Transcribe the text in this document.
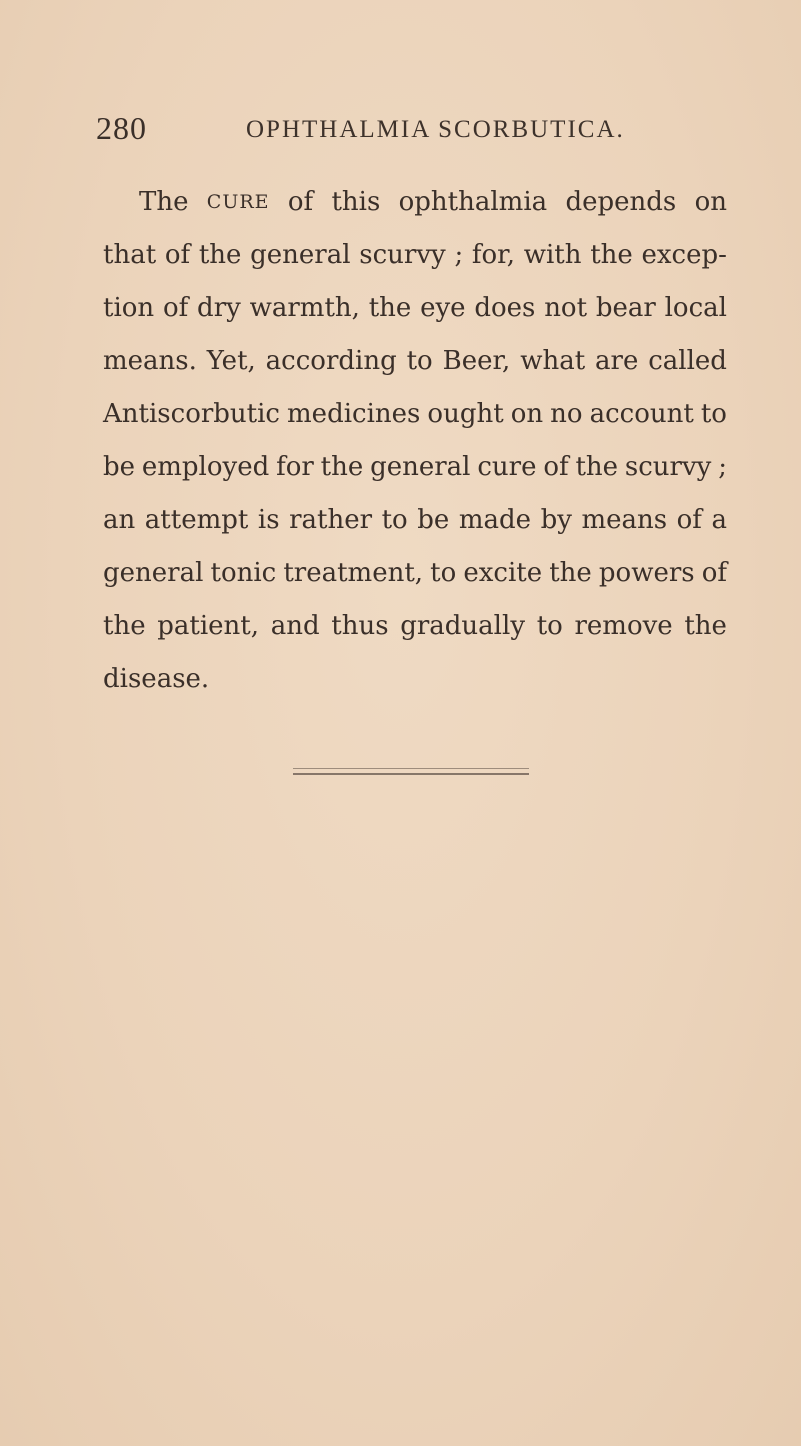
280	OPHTHALMIA SCORBUTICA.
The CURE of this ophthalmia depends on
that of the general scurvy ; for, with the excep-
tion of dry warmth, the eye does not bear local
means. Yet, according to Beer, what are called
Antiscorbutic medicines ought on no account to
be employed for the general cure of the scurvy ;
an attempt is rather to be made by means of a
general tonic treatment, to excite the powers of
the patient, and thus gradually to remove the
disease.
